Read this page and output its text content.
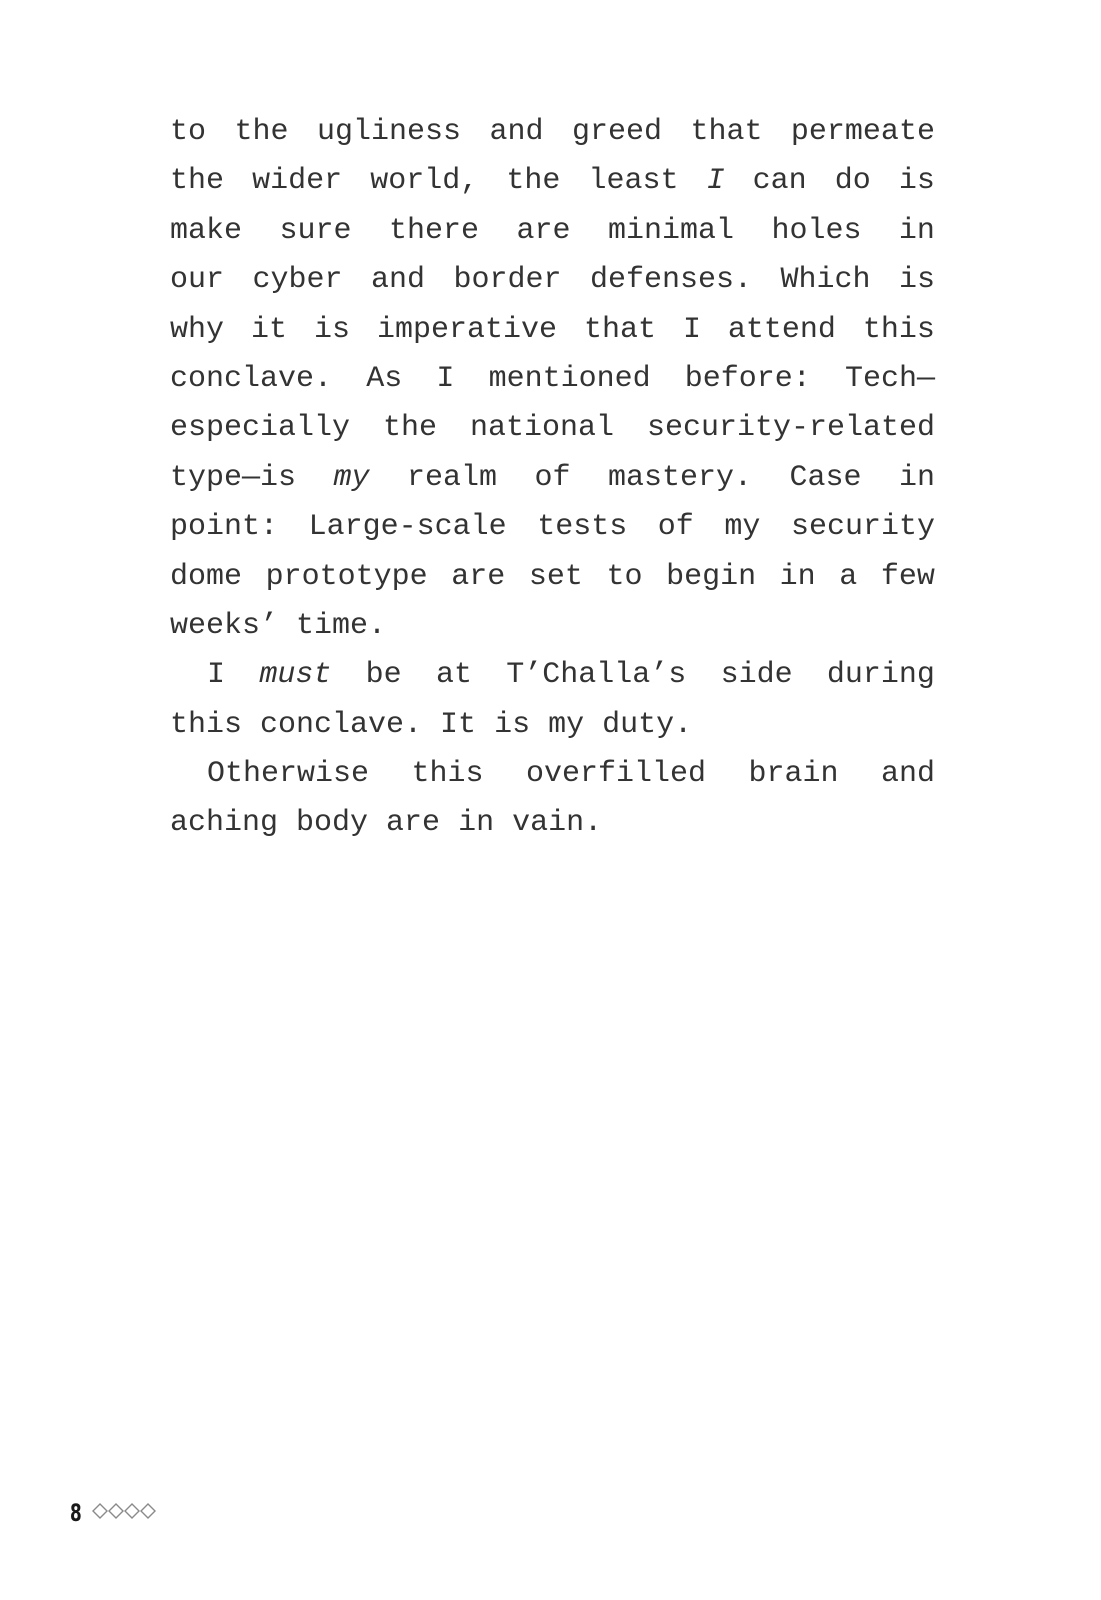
to the ugliness and greed that permeate
the wider world, the least I can do is
make sure there are minimal holes in
our cyber and border defenses. Which is
why it is imperative that I attend this
conclave. As I mentioned before: Tech—
especially the national security-related
type—is my realm of mastery. Case in
point: Large-scale tests of my security
dome prototype are set to begin in a few
weeks’ time.
I must be at T’Challa’s side during
this conclave. It is my duty.
Otherwise this overfilled brain and
aching body are in vain.
8
